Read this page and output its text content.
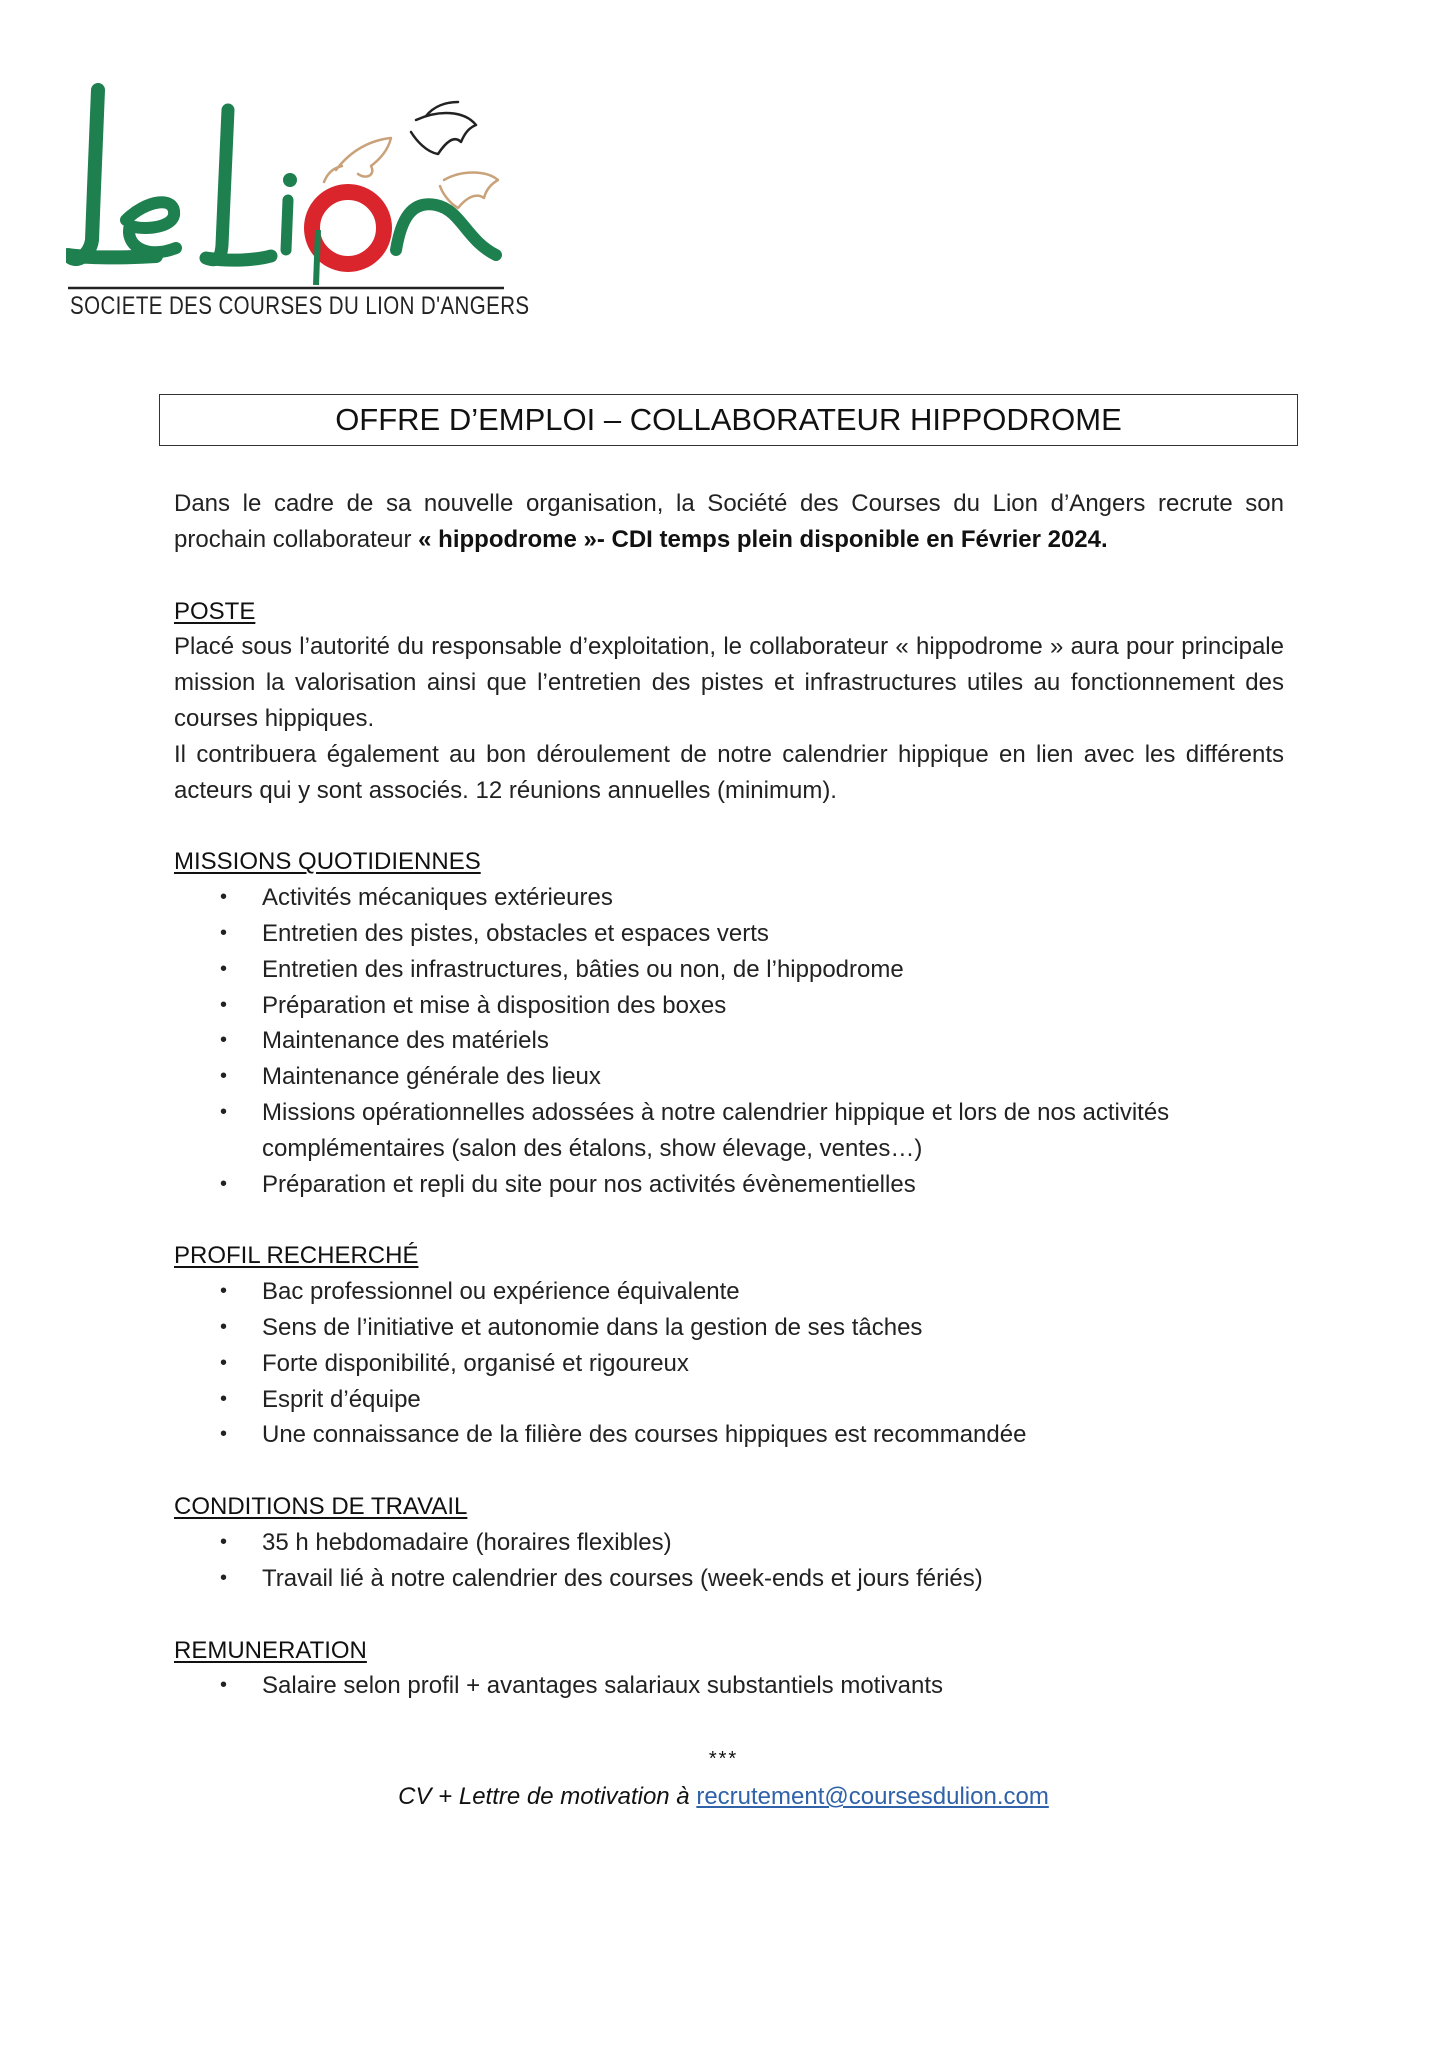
SOCIETE DES COURSES DU LION D'ANGERS
OFFRE D’EMPLOI – COLLABORATEUR HIPPODROME

Dans le cadre de sa nouvelle organisation, la Société des Courses du Lion d’Angers recrute son prochain collaborateur « hippodrome »- CDI temps plein disponible en Février 2024.

POSTE

Placé sous l’autorité du responsable d’exploitation, le collaborateur « hippodrome » aura pour principale mission la valorisation ainsi que l’entretien des pistes et infrastructures utiles au fonctionnement des courses hippiques.

Il contribuera également au bon déroulement de notre calendrier hippique en lien avec les différents acteurs qui y sont associés. 12 réunions annuelles (minimum).

MISSIONS QUOTIDIENNES

• Activités mécaniques extérieures
• Entretien des pistes, obstacles et espaces verts
• Entretien des infrastructures, bâties ou non, de l’hippodrome
• Préparation et mise à disposition des boxes
• Maintenance des matériels
• Maintenance générale des lieux
• Missions opérationnelles adossées à notre calendrier hippique et lors de nos activités complémentaires (salon des étalons, show élevage, ventes…)
• Préparation et repli du site pour nos activités évènementielles

PROFIL RECHERCHÉ

• Bac professionnel ou expérience équivalente
• Sens de l’initiative et autonomie dans la gestion de ses tâches
• Forte disponibilité, organisé et rigoureux
• Esprit d’équipe
• Une connaissance de la filière des courses hippiques est recommandée

CONDITIONS DE TRAVAIL

• 35 h hebdomadaire (horaires flexibles)
• Travail lié à notre calendrier des courses (week-ends et jours fériés)

REMUNERATION

• Salaire selon profil + avantages salariaux substantiels motivants
***
CV + Lettre de motivation à recrutement@coursesdulion.com
